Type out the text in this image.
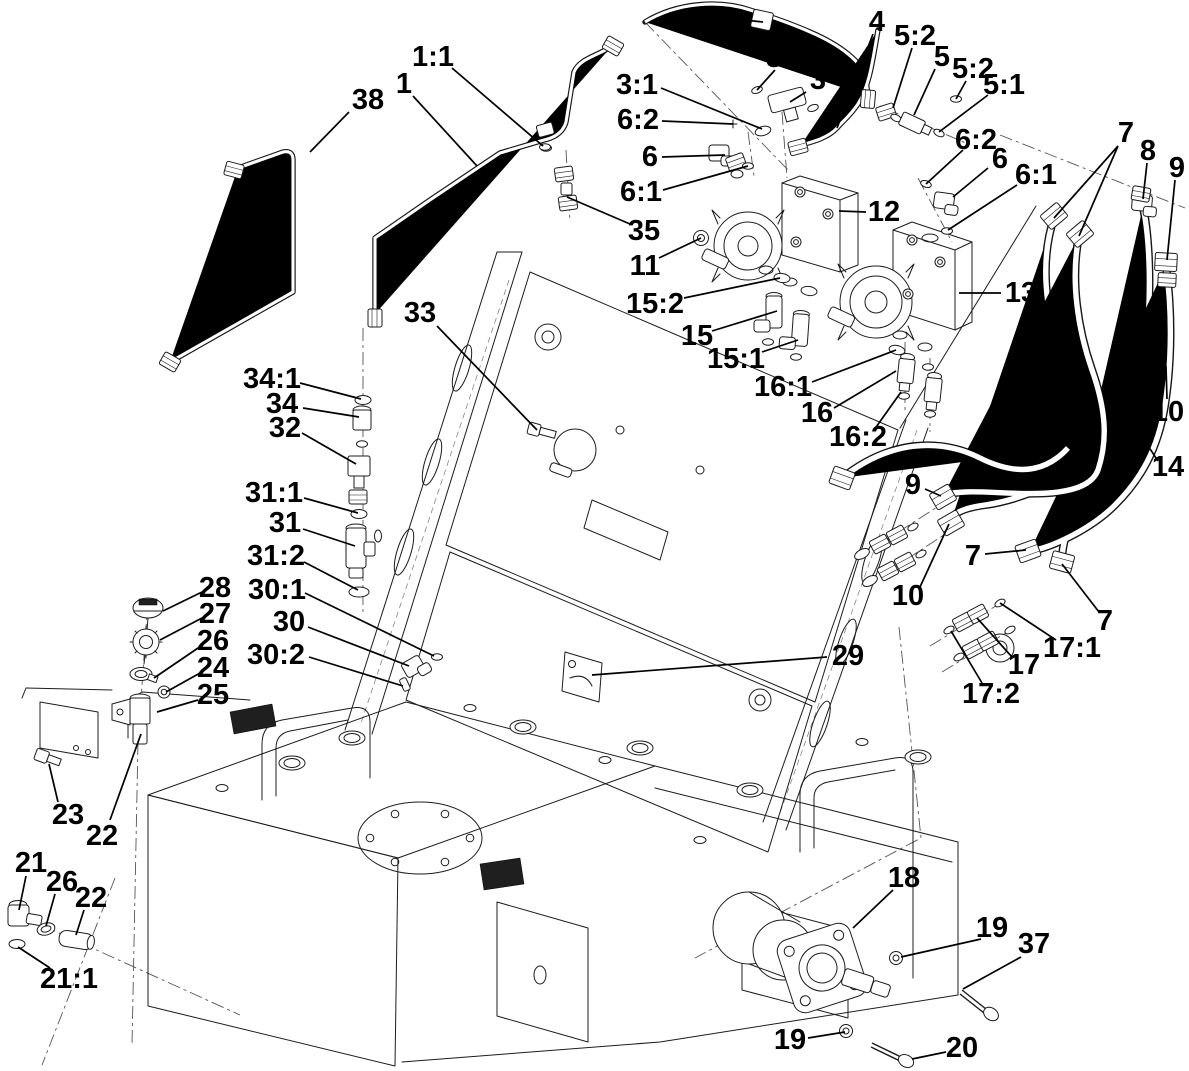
38 1
1:1
2
3:2
3
3:1
6:2
6
6:1
35
11
12
4 5:2
5 5:2
5:1
6:2
6 6:1
7
8
9
13
15:2
15
15:1
16:1
16
16:2
10
14
33
34:1
34
32
31:1
31
31:2
30:1
30
30:2
28
27
26
24
25
29
23
22
21
26
22
21:1
18
19 37
19	20
17:1
17
17:2
7
7
9
10
